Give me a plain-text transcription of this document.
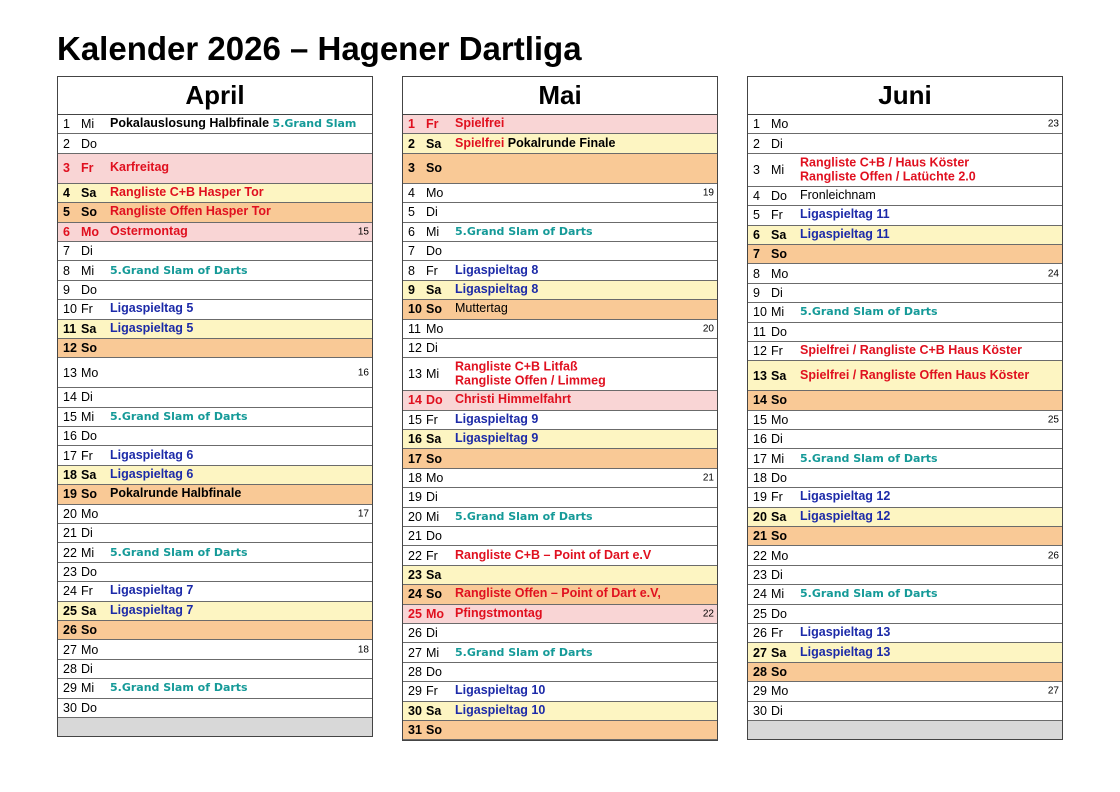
Kalender 2026 – Hagener Dartliga
April
1 Mi Pokalauslosung Halbfinale 5.Grand Slam
2 Do
3 Fr Karfreitag
4 Sa Rangliste C+B Hasper Tor
5 So Rangliste Offen Hasper Tor
6 Mo Ostermontag	15
7 Di
8 Mi 5.Grand Slam of Darts
9 Do
10 Fr Ligaspieltag 5
11 Sa Ligaspieltag 5
12 So
13 Mo	16
14 Di
15 Mi 5.Grand Slam of Darts
16 Do
17 Fr Ligaspieltag 6
18 Sa Ligaspieltag 6
19 So Pokalrunde Halbfinale
20 Mo	17
21 Di
22 Mi 5.Grand Slam of Darts
23 Do
24 Fr Ligaspieltag 7
25 Sa Ligaspieltag 7
26 So
27 Mo	18
28 Di
29 Mi 5.Grand Slam of Darts
30 Do
Mai
1 Fr Spielfrei
2 Sa Spielfrei Pokalrunde Finale
3 So
4 Mo	19
5 Di
6 Mi 5.Grand Slam of Darts
7 Do
8 Fr Ligaspieltag 8
9 Sa Ligaspieltag 8
10 So Muttertag
11 Mo	20
12 Di
13 Mi
Rangliste C+B Litfaß
Rangliste Offen / Limmeg
14 Do Christi Himmelfahrt
15 Fr Ligaspieltag 9
16 Sa Ligaspieltag 9
17 So
18 Mo	21
19 Di
20 Mi 5.Grand Slam of Darts
21 Do
22 Fr Rangliste C+B – Point of Dart e.V
23 Sa
24 So Rangliste Offen – Point of Dart e.V,
25 Mo Pfingstmontag	22
26 Di
27 Mi 5.Grand Slam of Darts
28 Do
29 Fr Ligaspieltag 10
30 Sa Ligaspieltag 10
31 So
Juni
1 Mo	23
2 Di
3 Mi
Rangliste C+B / Haus Köster
Rangliste Offen / Latüchte 2.0
4 Do Fronleichnam
5 Fr Ligaspieltag 11
6 Sa Ligaspieltag 11
7 So
8 Mo	24
9 Di
10 Mi 5.Grand Slam of Darts
11 Do
12 Fr Spielfrei / Rangliste C+B Haus Köster
13 Sa Spielfrei / Rangliste Offen Haus Köster
14 So
15 Mo	25
16 Di
17 Mi 5.Grand Slam of Darts
18 Do
19 Fr Ligaspieltag 12
20 Sa Ligaspieltag 12
21 So
22 Mo	26
23 Di
24 Mi 5.Grand Slam of Darts
25 Do
26 Fr Ligaspieltag 13
27 Sa Ligaspieltag 13
28 So
29 Mo	27
30 Di
